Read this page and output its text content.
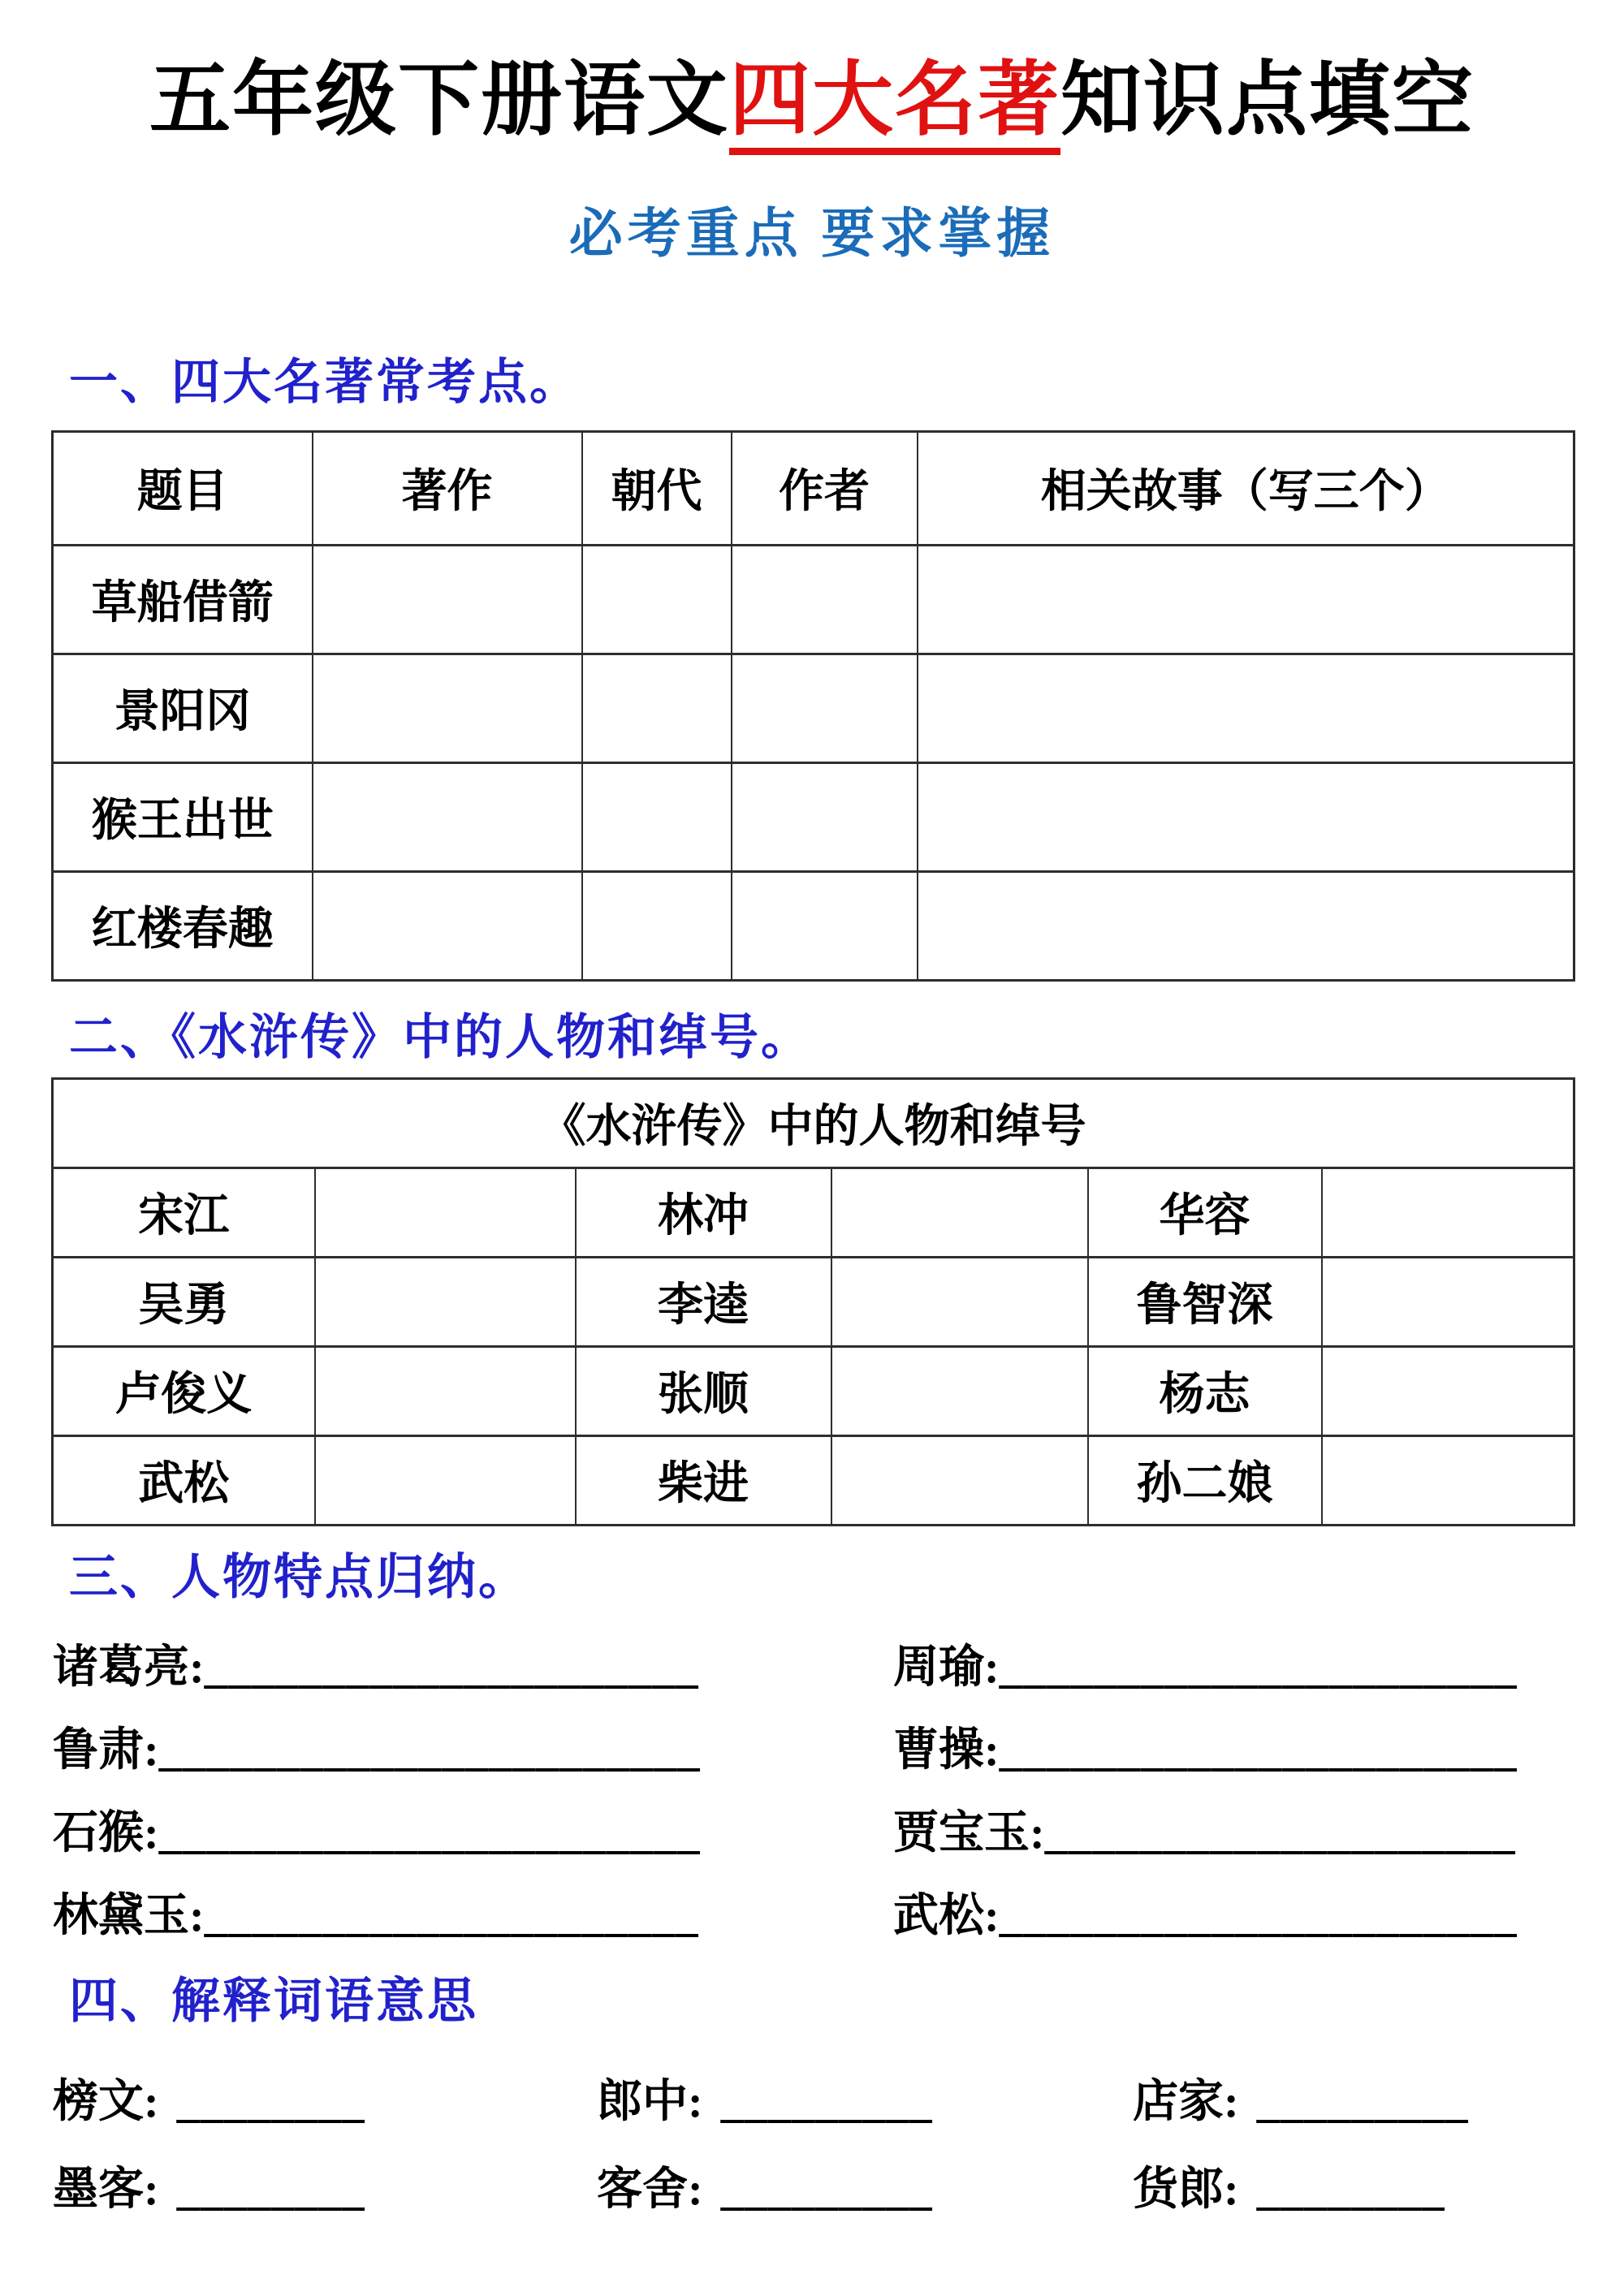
五年级下册语文四大名著知识点填空
必考重点 要求掌握
一、四大名著常考点。
题目	著作	朝代	作者	相关故事（写三个）
草船借箭				
景阳冈				
猴王出世				
红楼春趣				
二、《水浒传》中的人物和绰号。
《水浒传》中的人物和绰号					
宋江		林冲		华容	
吴勇		李逵		鲁智深	
卢俊义		张顺		杨志	
武松		柴进		孙二娘	
三、人物特点归纳。
诸葛亮:_____________________	周瑜:______________________
鲁肃:_______________________	曹操:______________________
石猴:_______________________	贾宝玉:____________________
林黛玉:_____________________	武松:______________________
四、解释词语意思
榜文: ________	郎中: _________	店家: _________
墨客: ________	客舍: _________	货郎: ________
